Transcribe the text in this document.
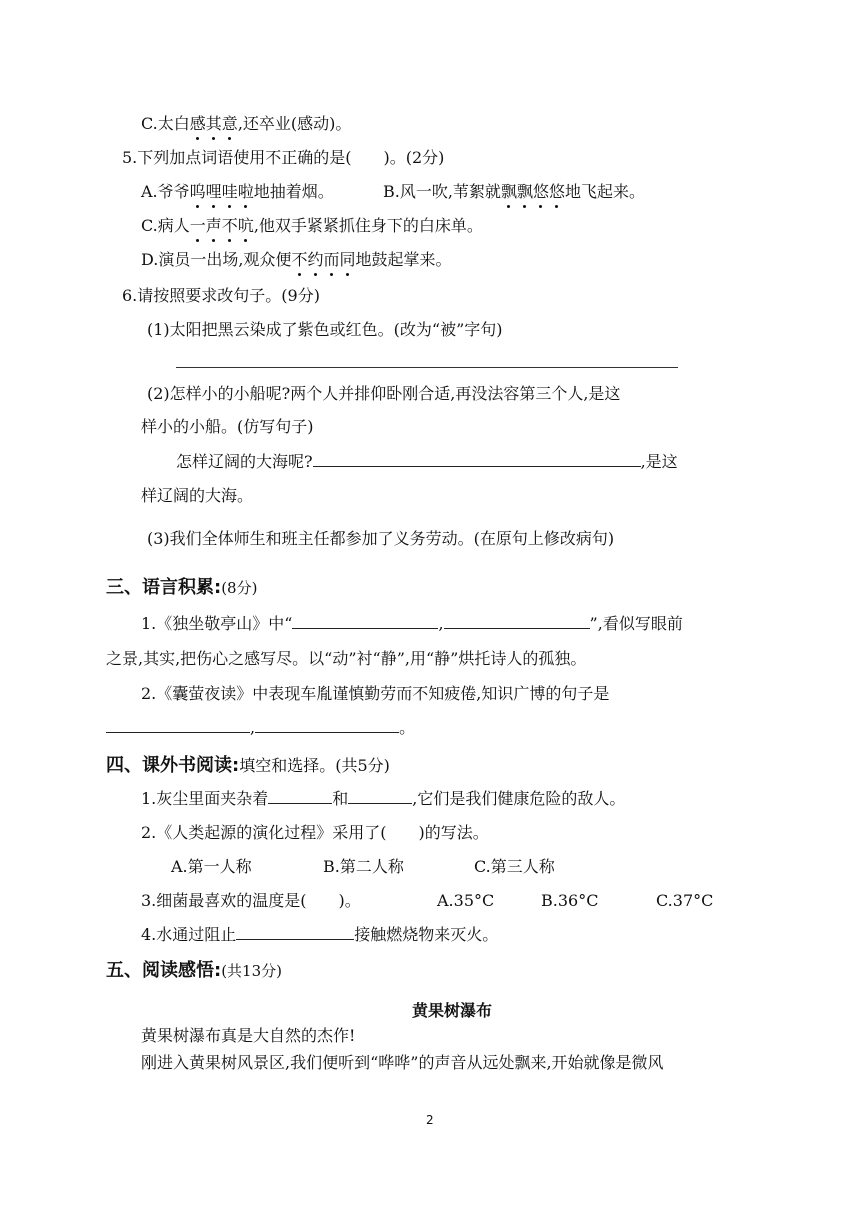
C.太白感其意,还卒业(感动)。
5.下列加点词语使用不正确的是(　　)。(2分)
A.爷爷呜哩哇啦地抽着烟。	B.风一吹,苇絮就飘飘悠悠地飞起来。
C.病人一声不吭,他双手紧紧抓住身下的白床单。
D.演员一出场,观众便不约而同地鼓起掌来。
6.请按照要求改句子。(9分)
(1)太阳把黑云染成了紫色或红色。(改为“被”字句)
(2)怎样小的小船呢?两个人并排仰卧刚合适,再没法容第三个人,是这
样小的小船。(仿写句子)
怎样辽阔的大海呢?	,是这
样辽阔的大海。
(3)我们全体师生和班主任都参加了义务劳动。(在原句上修改病句)
三、语言积累:(8分)
1.《独坐敬亭山》中“	,	”,看似写眼前
之景,其实,把伤心之感写尽。以“动”衬“静”,用“静”烘托诗人的孤独。
2.《囊萤夜读》中表现车胤谨慎勤劳而不知疲倦,知识广博的句子是
,	。
四、课外书阅读:填空和选择。(共5分)
1.灰尘里面夹杂着	和	,它们是我们健康危险的敌人。
2.《人类起源的演化过程》采用了(　　)的写法。
A.第一人称	B.第二人称	C.第三人称
3.细菌最喜欢的温度是(　　)。	A.35°C	B.36°C	C.37°C
4.水通过阻止	接触燃烧物来灭火。
五、阅读感悟:(共13分)
黄果树瀑布
黄果树瀑布真是大自然的杰作!
刚进入黄果树风景区,我们便听到“哗哗”的声音从远处飘来,开始就像是微风
2
